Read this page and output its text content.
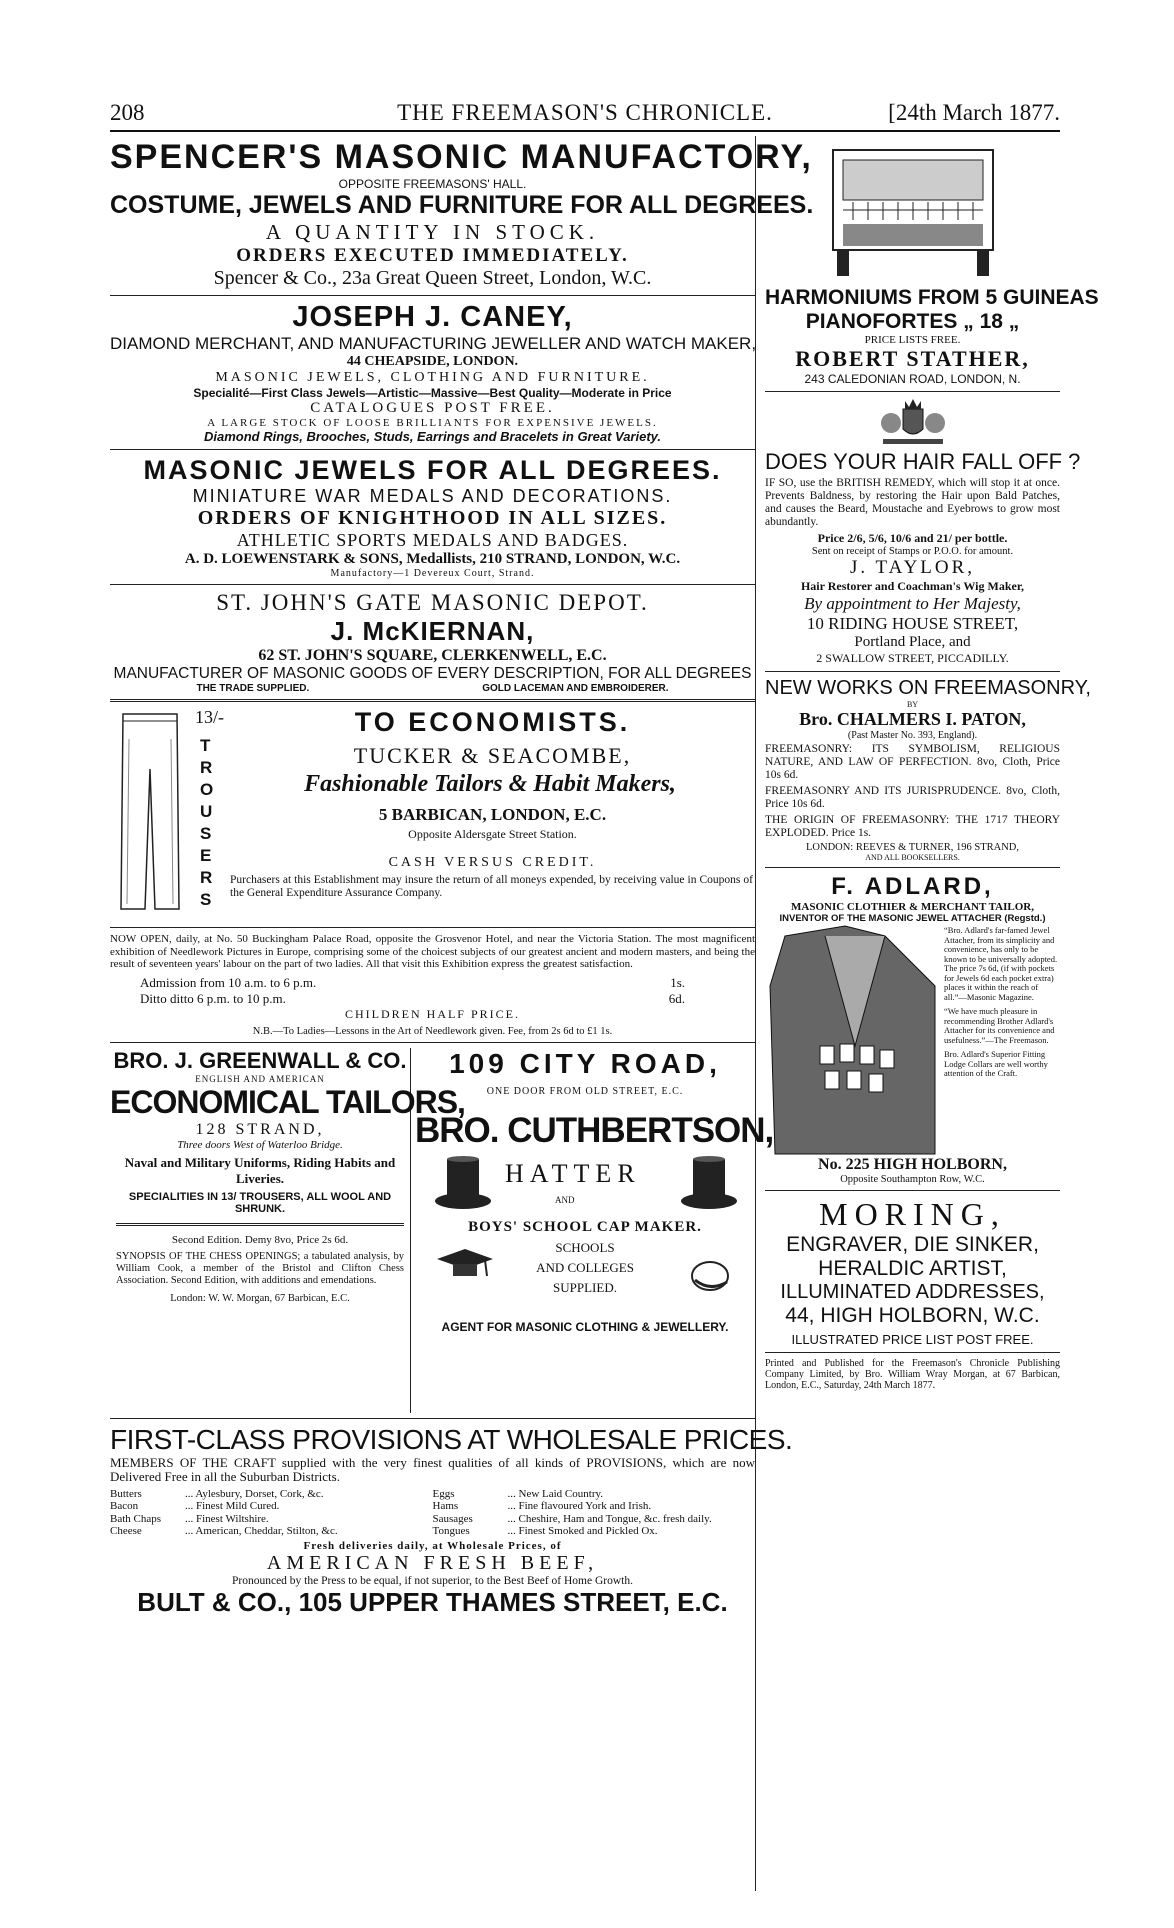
208	THE FREEMASON'S CHRONICLE.	[24th March 1877.
SPENCER'S MASONIC MANUFACTORY,
OPPOSITE FREEMASONS' HALL.
COSTUME, JEWELS AND FURNITURE FOR ALL DEGREES.
A QUANTITY IN STOCK.
ORDERS EXECUTED IMMEDIATELY.
Spencer & Co., 23a Great Queen Street, London, W.C.
JOSEPH J. CANEY,
DIAMOND MERCHANT, AND MANUFACTURING JEWELLER AND WATCH MAKER,
44 CHEAPSIDE, LONDON.
MASONIC JEWELS, CLOTHING AND FURNITURE.
Specialité—First Class Jewels—Artistic—Massive—Best Quality—Moderate in Price
CATALOGUES POST FREE.
A LARGE STOCK OF LOOSE BRILLIANTS FOR EXPENSIVE JEWELS.
Diamond Rings, Brooches, Studs, Earrings and Bracelets in Great Variety.
MASONIC JEWELS FOR ALL DEGREES.
MINIATURE WAR MEDALS AND DECORATIONS.
ORDERS OF KNIGHTHOOD IN ALL SIZES.
ATHLETIC SPORTS MEDALS AND BADGES.
A. D. LOEWENSTARK & SONS, Medallists, 210 STRAND, LONDON, W.C.
Manufactory—1 Devereux Court, Strand.
ST. JOHN'S GATE MASONIC DEPOT.
J. McKIERNAN,
62 ST. JOHN'S SQUARE, CLERKENWELL, E.C.
MANUFACTURER OF MASONIC GOODS OF EVERY DESCRIPTION, FOR ALL DEGREES
THE TRADE SUPPLIED.	GOLD LACEMAN AND EMBROIDERER.
T
R
O
U
S
E
R
S
13/-	TO ECONOMISTS.
TUCKER & SEACOMBE,
Fashionable Tailors & Habit Makers,
5 BARBICAN, LONDON, E.C.
Opposite Aldersgate Street Station.
CASH VERSUS CREDIT.
Purchasers at this Establishment may insure the return of all moneys expended, by receiving value in Coupons of the General Expenditure Assurance Company.
NOW OPEN, daily, at No. 50 Buckingham Palace Road, opposite the Grosvenor Hotel, and near the Victoria Station. The most magnificent exhibition of Needlework Pictures in Europe, comprising some of the choicest subjects of our greatest ancient and modern masters, and being the result of seventeen years' labour on the part of two ladies. All that visit this Exhibition express the greatest satisfaction.
Admission from 10 a.m. to 6 p.m.	1s.
Ditto ditto 6 p.m. to 10 p.m.	6d.
CHILDREN HALF PRICE.
N.B.—To Ladies—Lessons in the Art of Needlework given. Fee, from 2s 6d to £1 1s.
BRO. J. GREENWALL & CO.
ENGLISH AND AMERICAN
ECONOMICAL TAILORS,
128 STRAND,
Three doors West of Waterloo Bridge.
Naval and Military Uniforms, Riding Habits and Liveries.
SPECIALITIES IN 13/ TROUSERS, ALL WOOL AND SHRUNK.
Second Edition. Demy 8vo, Price 2s 6d.
SYNOPSIS OF THE CHESS OPENINGS; a tabulated analysis, by William Cook, a member of the Bristol and Clifton Chess Association. Second Edition, with additions and emendations.
London: W. W. Morgan, 67 Barbican, E.C.
109 CITY ROAD,
ONE DOOR FROM OLD STREET, E.C.
BRO. CUTHBERTSON,
HATTER
AND
BOYS' SCHOOL CAP MAKER.
SCHOOLS
AND COLLEGES
SUPPLIED.
AGENT FOR MASONIC CLOTHING & JEWELLERY.
FIRST-CLASS PROVISIONS AT WHOLESALE PRICES.
MEMBERS OF THE CRAFT supplied with the very finest qualities of all kinds of PROVISIONS, which are now Delivered Free in all the Suburban Districts.
Butters	... Aylesbury, Dorset, Cork, &c.
Bacon	... Finest Mild Cured.
Bath Chaps	... Finest Wiltshire.
Cheese	... American, Cheddar, Stilton, &c.
Eggs	... New Laid Country.
Hams	... Fine flavoured York and Irish.
Sausages	... Cheshire, Ham and Tongue, &c. fresh daily.
Tongues	... Finest Smoked and Pickled Ox.
Fresh deliveries daily, at Wholesale Prices, of
AMERICAN FRESH BEEF,
Pronounced by the Press to be equal, if not superior, to the Best Beef of Home Growth.
BULT & CO., 105 UPPER THAMES STREET, E.C.
HARMONIUMS FROM 5 GUINEAS
PIANOFORTES „ 18 „
PRICE LISTS FREE.
ROBERT STATHER,
243 CALEDONIAN ROAD, LONDON, N.
DOES YOUR HAIR FALL OFF ?
IF SO, use the BRITISH REMEDY, which will stop it at once. Prevents Baldness, by restoring the Hair upon Bald Patches, and causes the Beard, Moustache and Eyebrows to grow most abundantly.
Price 2/6, 5/6, 10/6 and 21/ per bottle.
Sent on receipt of Stamps or P.O.O. for amount.
J. TAYLOR,
Hair Restorer and Coachman's Wig Maker,
By appointment to Her Majesty,
10 RIDING HOUSE STREET,
Portland Place, and
2 SWALLOW STREET, PICCADILLY.
NEW WORKS ON FREEMASONRY,
BY
Bro. CHALMERS I. PATON,
(Past Master No. 393, England).
FREEMASONRY: ITS SYMBOLISM, RELIGIOUS NATURE, AND LAW OF PERFECTION. 8vo, Cloth, Price 10s 6d.
FREEMASONRY AND ITS JURISPRUDENCE. 8vo, Cloth, Price 10s 6d.
THE ORIGIN OF FREEMASONRY: THE 1717 THEORY EXPLODED. Price 1s.
LONDON: REEVES & TURNER, 196 STRAND,
AND ALL BOOKSELLERS.
F. ADLARD,
MASONIC CLOTHIER & MERCHANT TAILOR,
INVENTOR OF THE MASONIC JEWEL ATTACHER (Regstd.)
“Bro. Adlard's far-famed Jewel Attacher, from its simplicity and convenience, has only to be known to be universally adopted. The price 7s 6d, (if with pockets for Jewels 6d each pocket extra) places it within the reach of all.”—Masonic Magazine.
“We have much pleasure in recommending Brother Adlard's Attacher for its convenience and usefulness.”—The Freemason.
Bro. Adlard's Superior Fitting Lodge Collars are well worthy attention of the Craft.
No. 225 HIGH HOLBORN,
Opposite Southampton Row, W.C.
MORING,
ENGRAVER, DIE SINKER,
HERALDIC ARTIST,
ILLUMINATED ADDRESSES,
44, HIGH HOLBORN, W.C.
ILLUSTRATED PRICE LIST POST FREE.
Printed and Published for the Freemason's Chronicle Publishing Company Limited, by Bro. William Wray Morgan, at 67 Barbican, London, E.C., Saturday, 24th March 1877.
